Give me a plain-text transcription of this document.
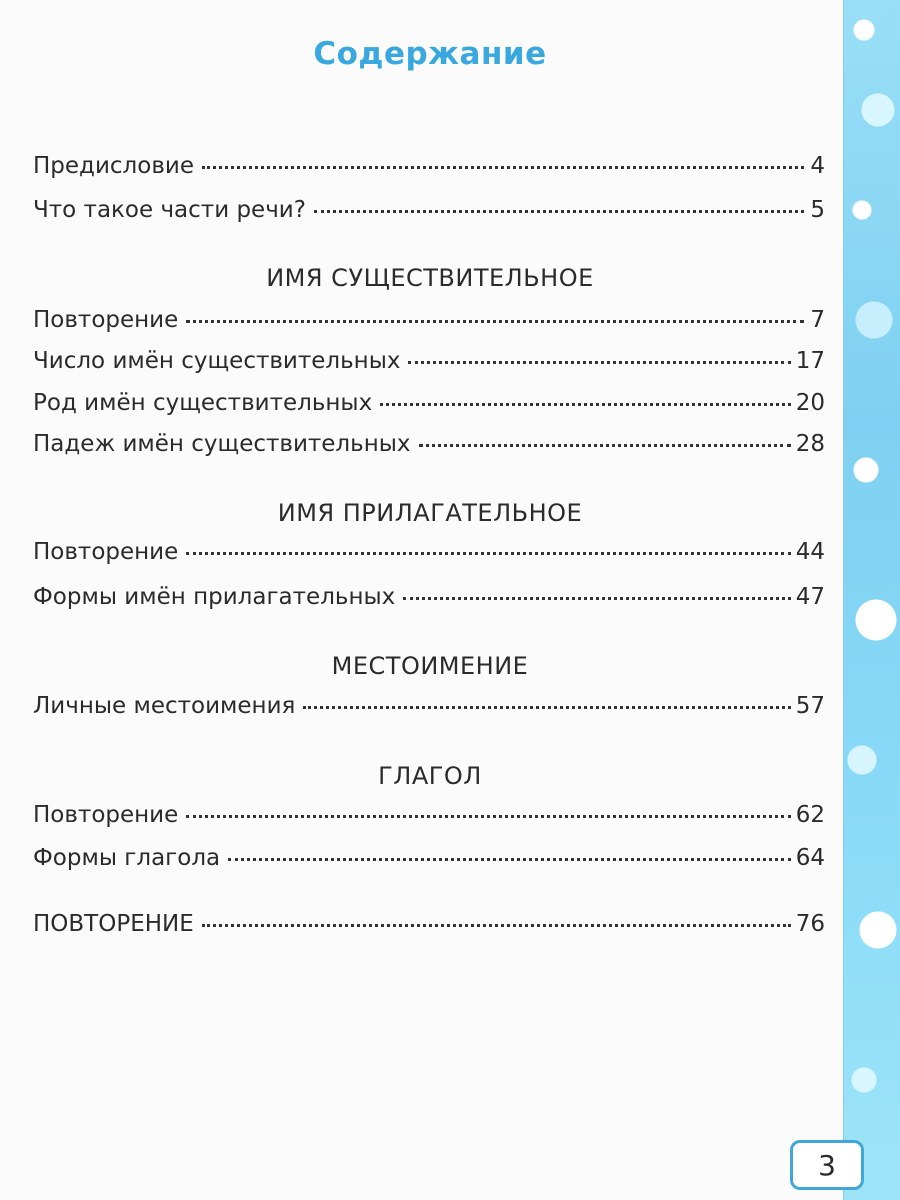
Содержание
Предисловие	4
Что такое части речи?	5
ИМЯ СУЩЕСТВИТЕЛЬНОЕ
Повторение	7
Число имён существительных	17
Род имён существительных	20
Падеж имён существительных	28
ИМЯ ПРИЛАГАТЕЛЬНОЕ
Повторение	44
Формы имён прилагательных	47
МЕСТОИМЕНИЕ
Личные местоимения	57
ГЛАГОЛ
Повторение	62
Формы глагола	64
ПОВТОРЕНИЕ	76
3
